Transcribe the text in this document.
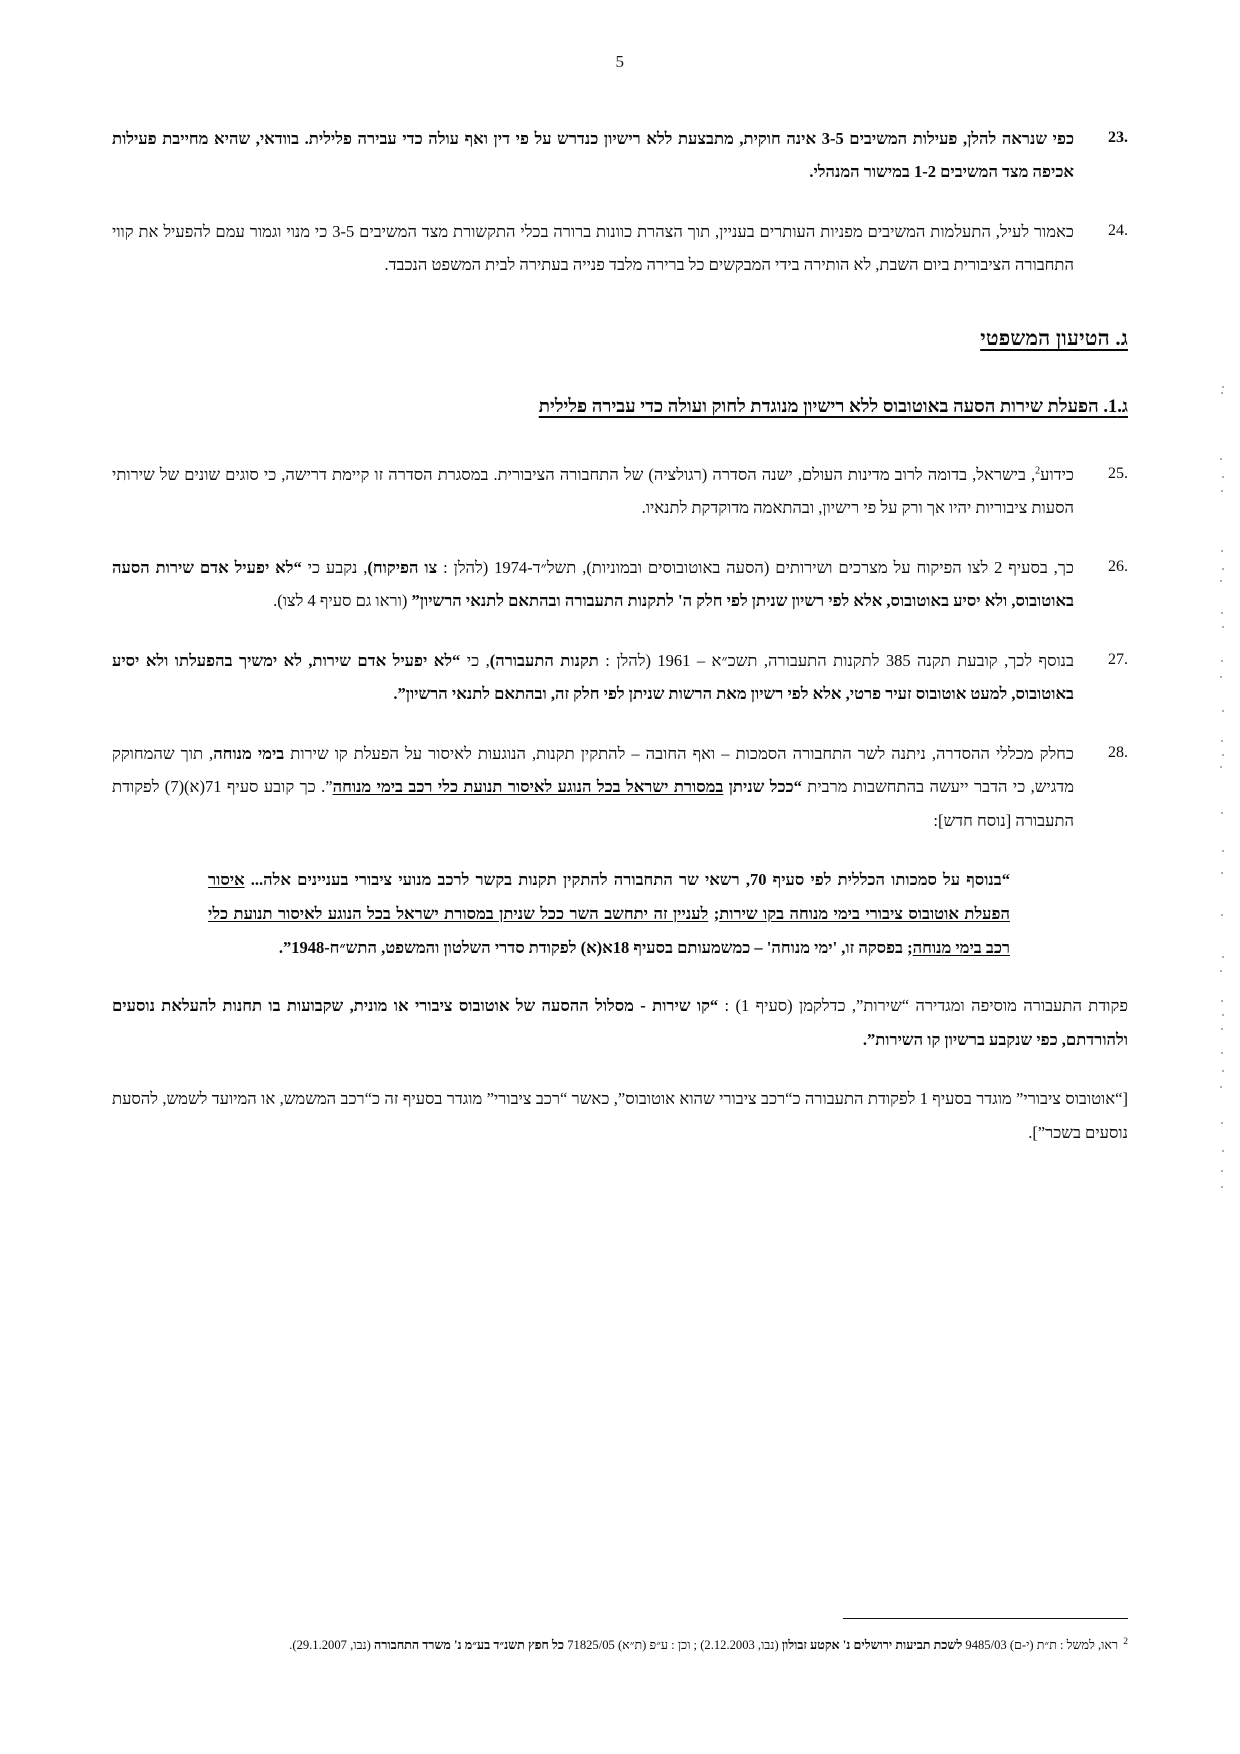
5
23.
כפי שנראה להלן, פעילות המשיבים 3-5 אינה חוקית, מתבצעת ללא רישיון כנדרש על פי דין ואף עולה כדי עבירה פלילית. בוודאי, שהיא מחייבת פעילות אכיפה מצד המשיבים 1-2 במישור המנהלי.
24.
כאמור לעיל, התעלמות המשיבים מפניות העותרים בעניין, תוך הצהרת כוונות ברורה בכלי התקשורת מצד המשיבים 3-5 כי מנוי וגמור עמם להפעיל את קווי התחבורה הציבורית ביום השבת, לא הותירה בידי המבקשים כל ברירה מלבד פנייה בעתירה לבית המשפט הנכבד.
ג. הטיעון המשפטי
ג.1. הפעלת שירות הסעה באוטובוס ללא רישיון מנוגדת לחוק ועולה כדי עבירה פלילית
25.
כידוע$^2$, בישראל, בדומה לרוב מדינות העולם, ישנה הסדרה (רגולציה) של התחבורה הציבורית. במסגרת הסדרה זו קיימת דרישה, כי סוגים שונים של שירותי הסעות ציבוריות יהיו אך ורק על פי רישיון, ובהתאמה מדוקדקת לתנאיו.
26.
כך, בסעיף 2 לצו הפיקוח על מצרכים ושירותים (הסעה באוטובוסים ובמוניות), תשל״ד-1974 (להלן : צו הפיקוח), נקבע כי “לא יפעיל אדם שירות הסעה באוטובוס, ולא יסיע באוטובוס, אלא לפי רשיון שניתן לפי חלק ה' לתקנות התעבורה ובהתאם לתנאי הרשיון” (וראו גם סעיף 4 לצו).
27.
בנוסף לכך, קובעת תקנה 385 לתקנות התעבורה, תשכ״א – 1961 (להלן : תקנות התעבורה), כי “לא יפעיל אדם שירות, לא ימשיך בהפעלתו ולא יסיע באוטובוס, למעט אוטובוס זעיר פרטי, אלא לפי רשיון מאת הרשות שניתן לפי חלק זה, ובהתאם לתנאי הרשיון”.
28.
כחלק מכללי ההסדרה, ניתנה לשר התחבורה הסמכות – ואף החובה – להתקין תקנות, הנוגעות לאיסור על הפעלת קו שירות בימי מנוחה, תוך שהמחוקק מדגיש, כי הדבר ייעשה בהתחשבות מרבית “ככל שניתן במסורת ישראל בכל הנוגע לאיסור תנועת כלי רכב בימי מנוחה”. כך קובע סעיף 71(א)(7) לפקודת התעבורה [נוסח חדש]:
“בנוסף על סמכותו הכללית לפי סעיף 70, רשאי שר התחבורה להתקין תקנות בקשר לרכב מנועי ציבורי בעניינים אלה... איסור הפעלת אוטובוס ציבורי בימי מנוחה בקו שירות; לעניין זה יתחשב השר ככל שניתן במסורת ישראל בכל הנוגע לאיסור תנועת כלי רכב בימי מנוחה; בפסקה זו, 'ימי מנוחה' – כמשמעותם בסעיף 18א(א) לפקודת סדרי השלטון והמשפט, התש״ח-1948”.
פקודת התעבורה מוסיפה ומגדירה “שירות”, כדלקמן (סעיף 1) : “קו שירות - מסלול ההסעה של אוטובוס ציבורי או מונית, שקבועות בו תחנות להעלאת נוסעים ולהורדתם, כפי שנקבע ברשיון קו השירות”.
[“אוטובוס ציבורי” מוגדר בסעיף 1 לפקודת התעבורה כ“רכב ציבורי שהוא אוטובוס”, כאשר “רכב ציבורי” מוגדר בסעיף זה כ“רכב המשמש, או המיועד לשמש, להסעת נוסעים בשכר”].
$^2$ ראו, למשל : ת״ת (י-ם) 9485/03 לשכת תביעות ירושלים נ' אקטע זבולון (נבו, 2.12.2003) ; וכן : ע״פ (ת״א) 71825/05 כל חפץ תשנ״ד בע״מ נ' משרד התחבורה (נבו, 29.1.2007).
